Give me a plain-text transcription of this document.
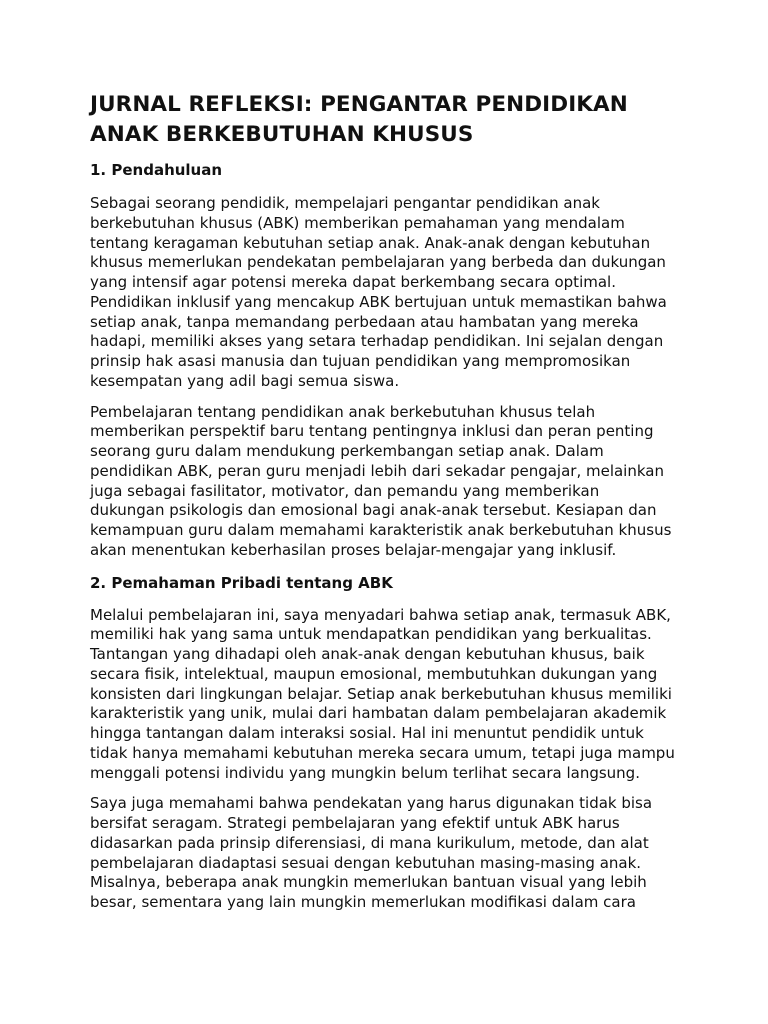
JURNAL REFLEKSI: PENGANTAR PENDIDIKAN
ANAK BERKEBUTUHAN KHUSUS
1. Pendahuluan

Sebagai seorang pendidik, mempelajari pengantar pendidikan anak
berkebutuhan khusus (ABK) memberikan pemahaman yang mendalam
tentang keragaman kebutuhan setiap anak. Anak-anak dengan kebutuhan
khusus memerlukan pendekatan pembelajaran yang berbeda dan dukungan
yang intensif agar potensi mereka dapat berkembang secara optimal.
Pendidikan inklusif yang mencakup ABK bertujuan untuk memastikan bahwa
setiap anak, tanpa memandang perbedaan atau hambatan yang mereka
hadapi, memiliki akses yang setara terhadap pendidikan. Ini sejalan dengan
prinsip hak asasi manusia dan tujuan pendidikan yang mempromosikan
kesempatan yang adil bagi semua siswa.

Pembelajaran tentang pendidikan anak berkebutuhan khusus telah
memberikan perspektif baru tentang pentingnya inklusi dan peran penting
seorang guru dalam mendukung perkembangan setiap anak. Dalam
pendidikan ABK, peran guru menjadi lebih dari sekadar pengajar, melainkan
juga sebagai fasilitator, motivator, dan pemandu yang memberikan
dukungan psikologis dan emosional bagi anak-anak tersebut. Kesiapan dan
kemampuan guru dalam memahami karakteristik anak berkebutuhan khusus
akan menentukan keberhasilan proses belajar-mengajar yang inklusif.

2. Pemahaman Pribadi tentang ABK

Melalui pembelajaran ini, saya menyadari bahwa setiap anak, termasuk ABK,
memiliki hak yang sama untuk mendapatkan pendidikan yang berkualitas.
Tantangan yang dihadapi oleh anak-anak dengan kebutuhan khusus, baik
secara fisik, intelektual, maupun emosional, membutuhkan dukungan yang
konsisten dari lingkungan belajar. Setiap anak berkebutuhan khusus memiliki
karakteristik yang unik, mulai dari hambatan dalam pembelajaran akademik
hingga tantangan dalam interaksi sosial. Hal ini menuntut pendidik untuk
tidak hanya memahami kebutuhan mereka secara umum, tetapi juga mampu
menggali potensi individu yang mungkin belum terlihat secara langsung.

Saya juga memahami bahwa pendekatan yang harus digunakan tidak bisa
bersifat seragam. Strategi pembelajaran yang efektif untuk ABK harus
didasarkan pada prinsip diferensiasi, di mana kurikulum, metode, dan alat
pembelajaran diadaptasi sesuai dengan kebutuhan masing-masing anak.
Misalnya, beberapa anak mungkin memerlukan bantuan visual yang lebih
besar, sementara yang lain mungkin memerlukan modifikasi dalam cara
